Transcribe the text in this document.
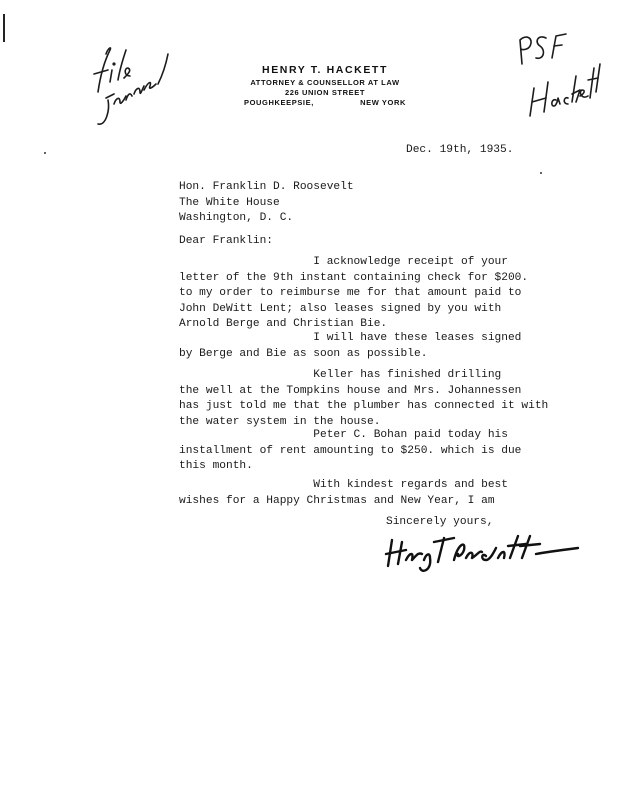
HENRY T. HACKETT
ATTORNEY & COUNSELLOR AT LAW
226 UNION STREET
POUGHKEEPSIE,	NEW YORK
Dec. 19th, 1935.
Hon. Franklin D. Roosevelt
The White House
Washington, D. C.
Dear Franklin:
I acknowledge receipt of your
letter of the 9th instant containing check for $200.
to my order to reimburse me for that amount paid to
John DeWitt Lent; also leases signed by you with
Arnold Berge and Christian Bie.
I will have these leases signed
by Berge and Bie as soon as possible.
Keller has finished drilling
the well at the Tompkins house and Mrs. Johannessen
has just told me that the plumber has connected it with
the water system in the house.
Peter C. Bohan paid today his
installment of rent amounting to $250. which is due
this month.
With kindest regards and best
wishes for a Happy Christmas and New Year, I am
Sincerely yours,
